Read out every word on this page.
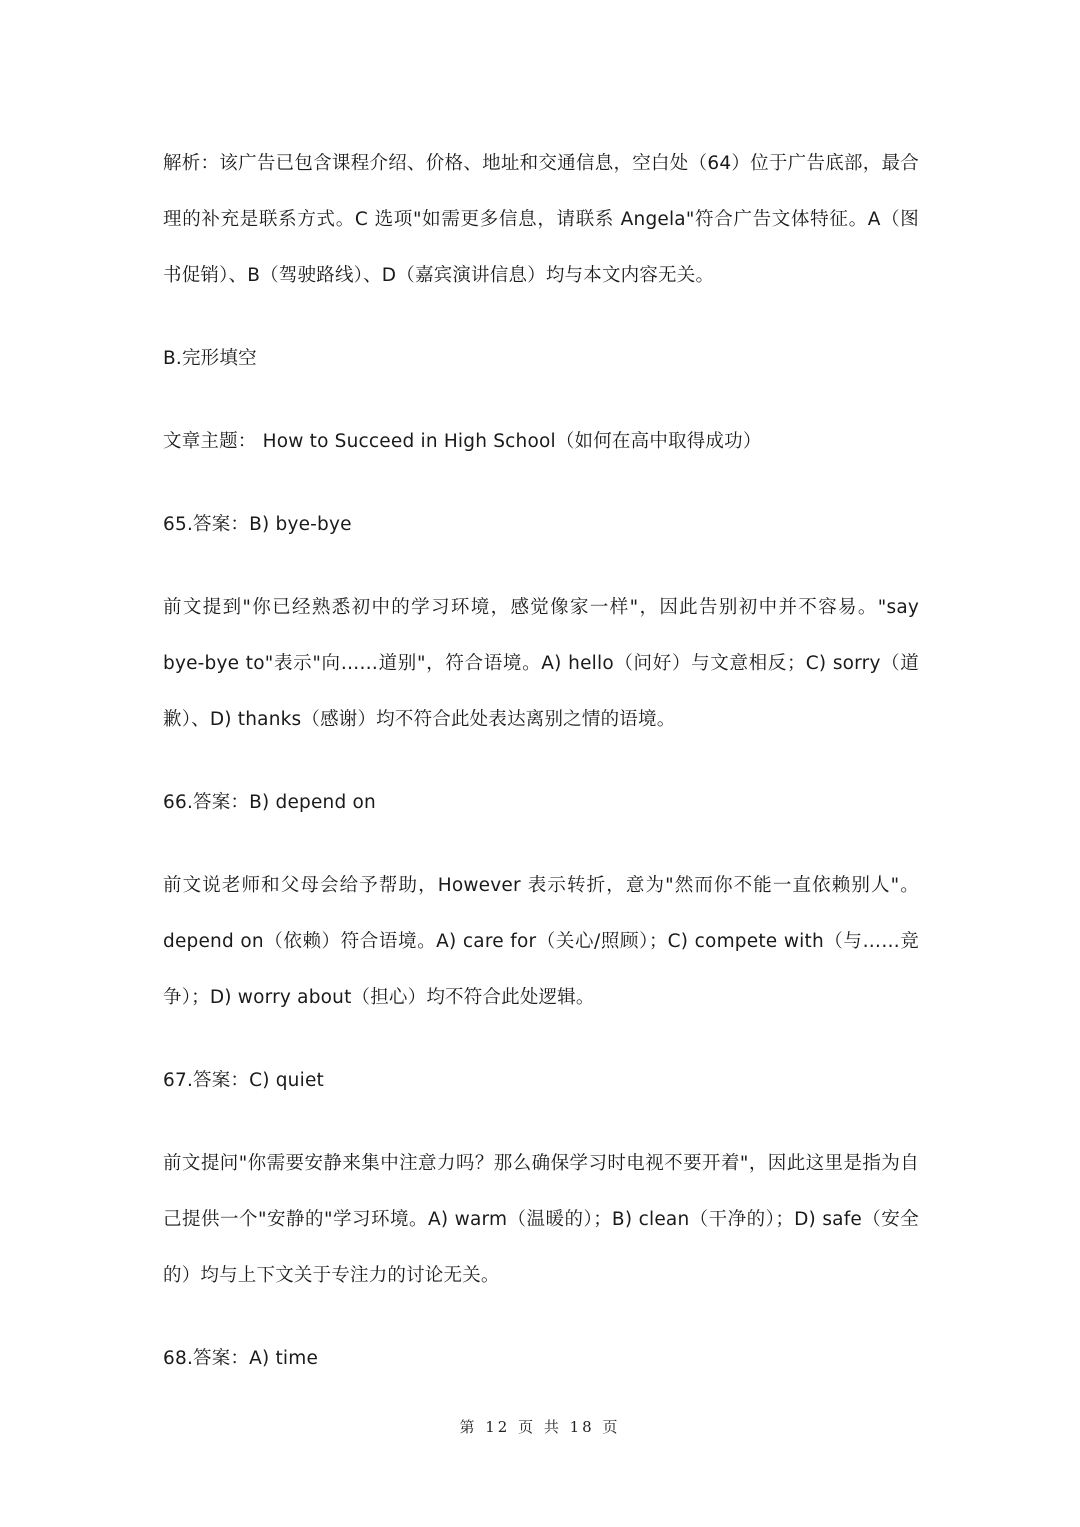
解析：该广告已包含课程介绍、价格、地址和交通信息，空白处（64）位于广告底部，最合理的补充是联系方式。C 选项"如需更多信息，请联系 Angela"符合广告文体特征。A（图书促销）、B（驾驶路线）、D（嘉宾演讲信息）均与本文内容无关。

B.完形填空

文章主题： How to Succeed in High School（如何在高中取得成功）

65.答案：B) bye-bye

前文提到"你已经熟悉初中的学习环境，感觉像家一样"，因此告别初中并不容易。"say bye-bye to"表示"向……道别"，符合语境。A) hello（问好）与文意相反；C) sorry（道歉）、D) thanks（感谢）均不符合此处表达离别之情的语境。

66.答案：B) depend on

前文说老师和父母会给予帮助，However 表示转折，意为"然而你不能一直依赖别人"。depend on（依赖）符合语境。A) care for（关心/照顾）；C) compete with（与……竞争）；D) worry about（担心）均不符合此处逻辑。

67.答案：C) quiet

前文提问"你需要安静来集中注意力吗？那么确保学习时电视不要开着"，因此这里是指为自己提供一个"安静的"学习环境。A) warm（温暖的）；B) clean（干净的）；D) safe（安全的）均与上下文关于专注力的讨论无关。

68.答案：A) time

第 12 页 共 18 页
